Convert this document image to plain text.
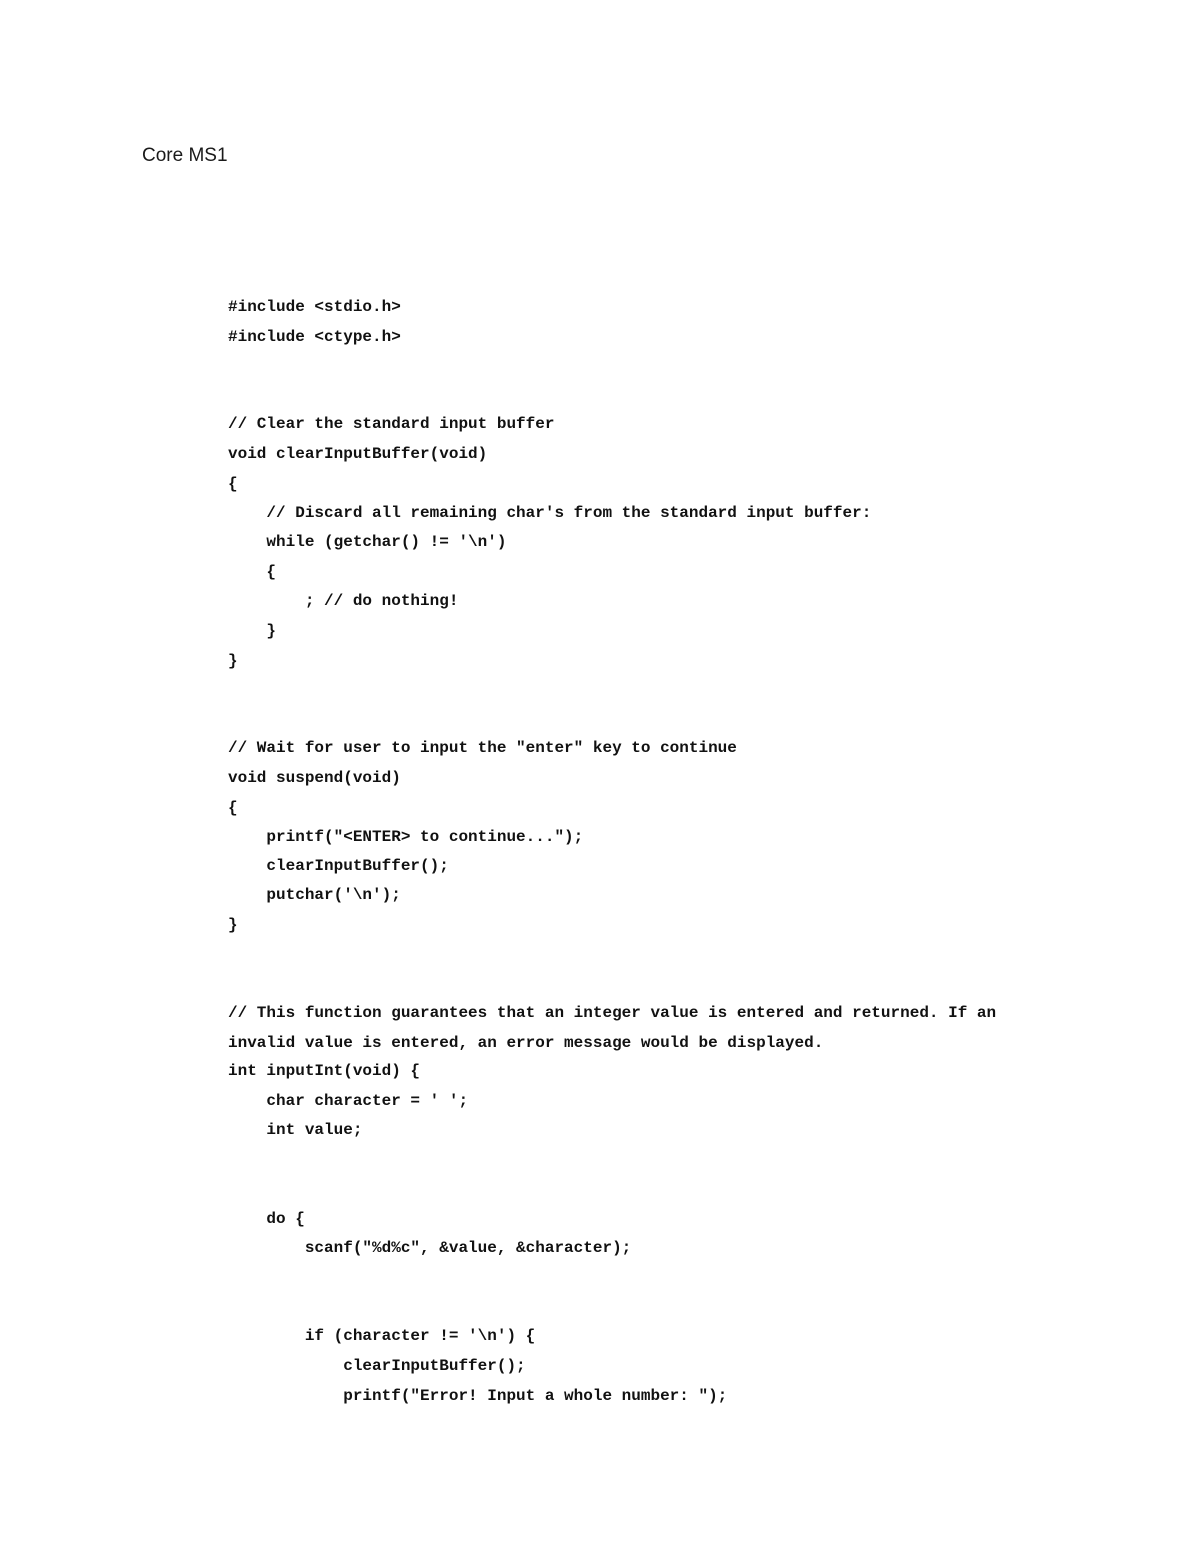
Core MS1
#include <stdio.h>
#include <ctype.h>
// Clear the standard input buffer
void clearInputBuffer(void)
{
// Discard all remaining char's from the standard input buffer:
while (getchar() != '\n')
{
; // do nothing!
}
}
// Wait for user to input the "enter" key to continue
void suspend(void)
{
printf("<ENTER> to continue...");
clearInputBuffer();
putchar('\n');
}
// This function guarantees that an integer value is entered and returned. If an
invalid value is entered, an error message would be displayed.
int inputInt(void) {
char character = ' ';
int value;
do {
scanf("%d%c", &value, &character);
if (character != '\n') {
clearInputBuffer();
printf("Error! Input a whole number: ");
